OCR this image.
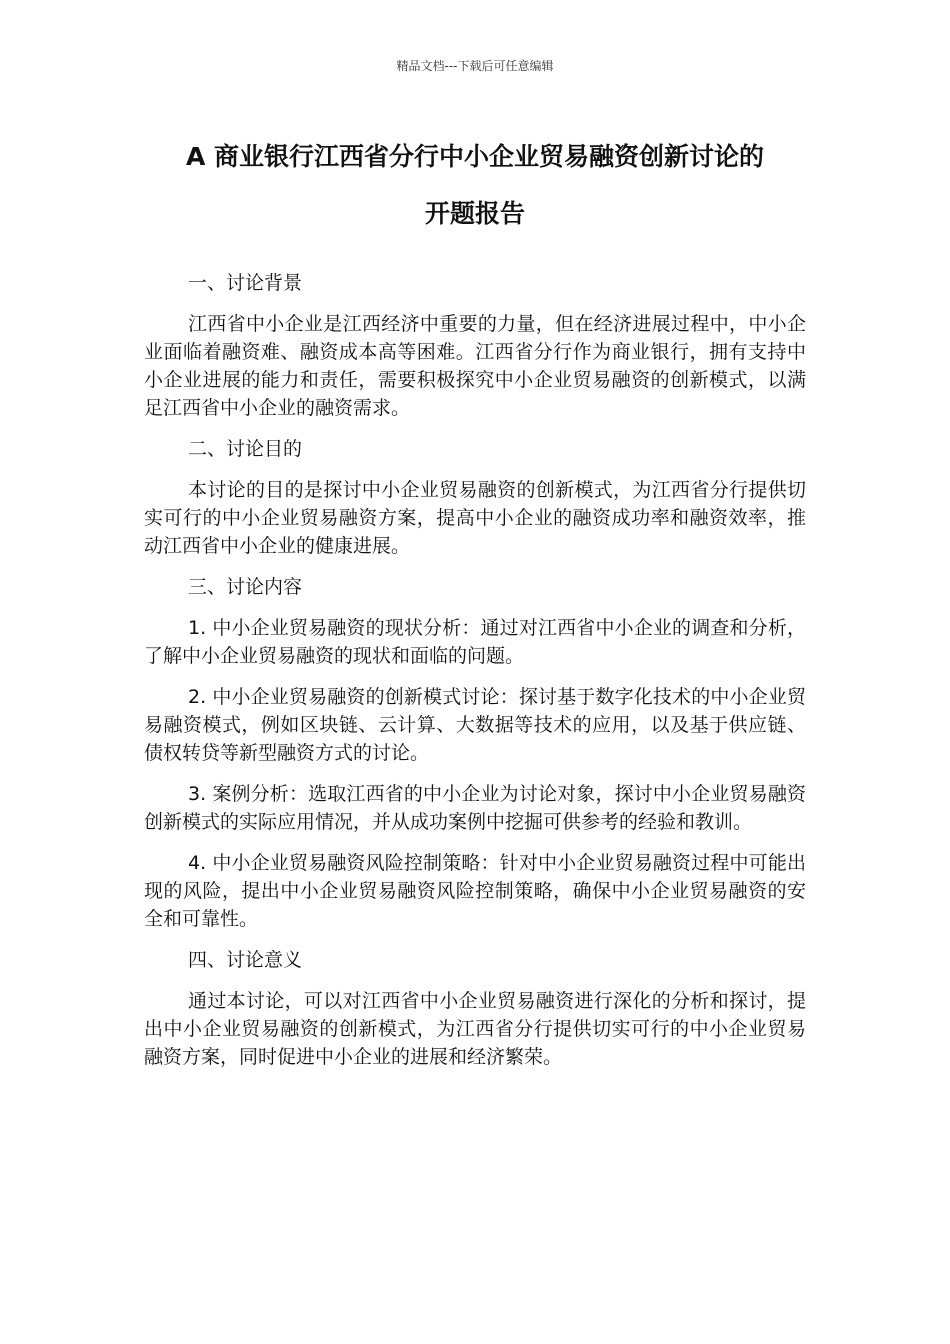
精品文档---下载后可任意编辑
A 商业银行江西省分行中小企业贸易融资创新讨论的
开题报告

一、讨论背景

江西省中小企业是江西经济中重要的力量，但在经济进展过程中，中小企业面临着融资难、融资成本高等困难。江西省分行作为商业银行，拥有支持中小企业进展的能力和责任，需要积极探究中小企业贸易融资的创新模式，以满足江西省中小企业的融资需求。

二、讨论目的

本讨论的目的是探讨中小企业贸易融资的创新模式，为江西省分行提供切实可行的中小企业贸易融资方案，提高中小企业的融资成功率和融资效率，推动江西省中小企业的健康进展。

三、讨论内容

1. 中小企业贸易融资的现状分析：通过对江西省中小企业的调查和分析，了解中小企业贸易融资的现状和面临的问题。

2. 中小企业贸易融资的创新模式讨论：探讨基于数字化技术的中小企业贸易融资模式，例如区块链、云计算、大数据等技术的应用，以及基于供应链、债权转贷等新型融资方式的讨论。

3. 案例分析：选取江西省的中小企业为讨论对象，探讨中小企业贸易融资创新模式的实际应用情况，并从成功案例中挖掘可供参考的经验和教训。

4. 中小企业贸易融资风险控制策略：针对中小企业贸易融资过程中可能出现的风险，提出中小企业贸易融资风险控制策略，确保中小企业贸易融资的安全和可靠性。

四、讨论意义

通过本讨论，可以对江西省中小企业贸易融资进行深化的分析和探讨，提出中小企业贸易融资的创新模式，为江西省分行提供切实可行的中小企业贸易融资方案，同时促进中小企业的进展和经济繁荣。
